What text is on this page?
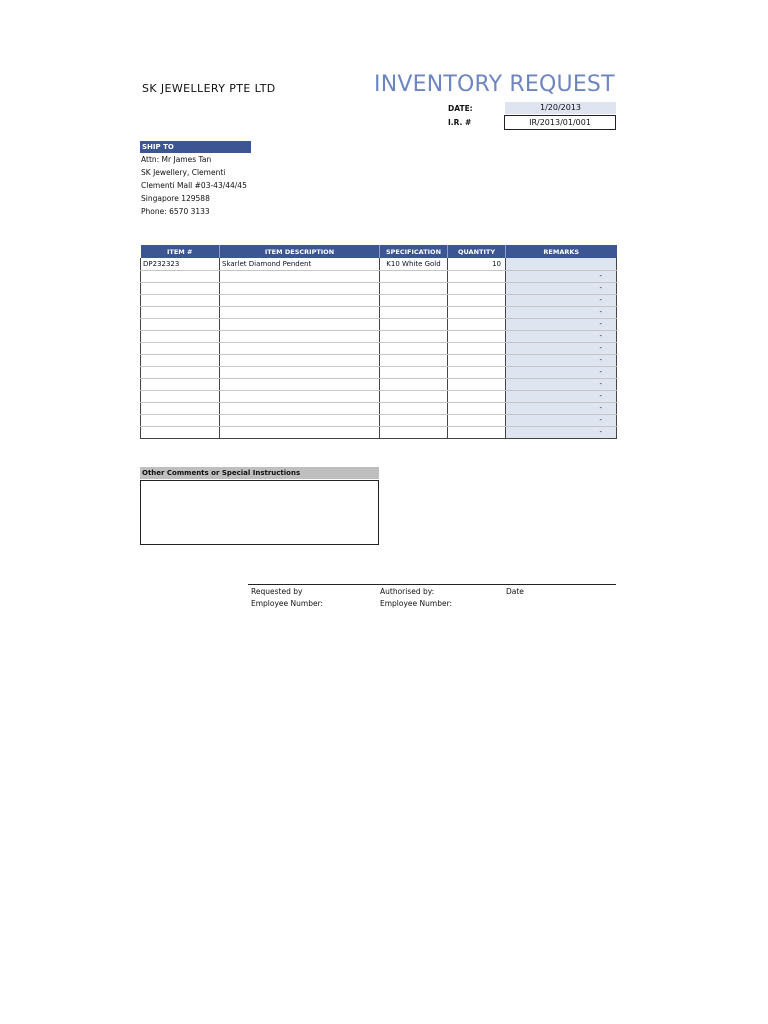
SK JEWELLERY PTE LTD	INVENTORY REQUEST
DATE:	1/20/2013
I.R. #	IR/2013/01/001
SHIP TO
Attn: Mr James Tan
SK Jewellery, Clementi
Clementi Mall #03-43/44/45
Singapore 129588
Phone: 6570 3133
ITEM #	ITEM DESCRIPTION	SPECIFICATION	QUANTITY	REMARKS
DP232323	Skarlet Diamond Pendent	K10 White Gold	10	
				-
				-
				-
				-
				-
				-
				-
				-
				-
				-
				-
				-
				-
				-
Other Comments or Special Instructions
Requested by
Employee Number:
Authorised by:
Employee Number:
Date
